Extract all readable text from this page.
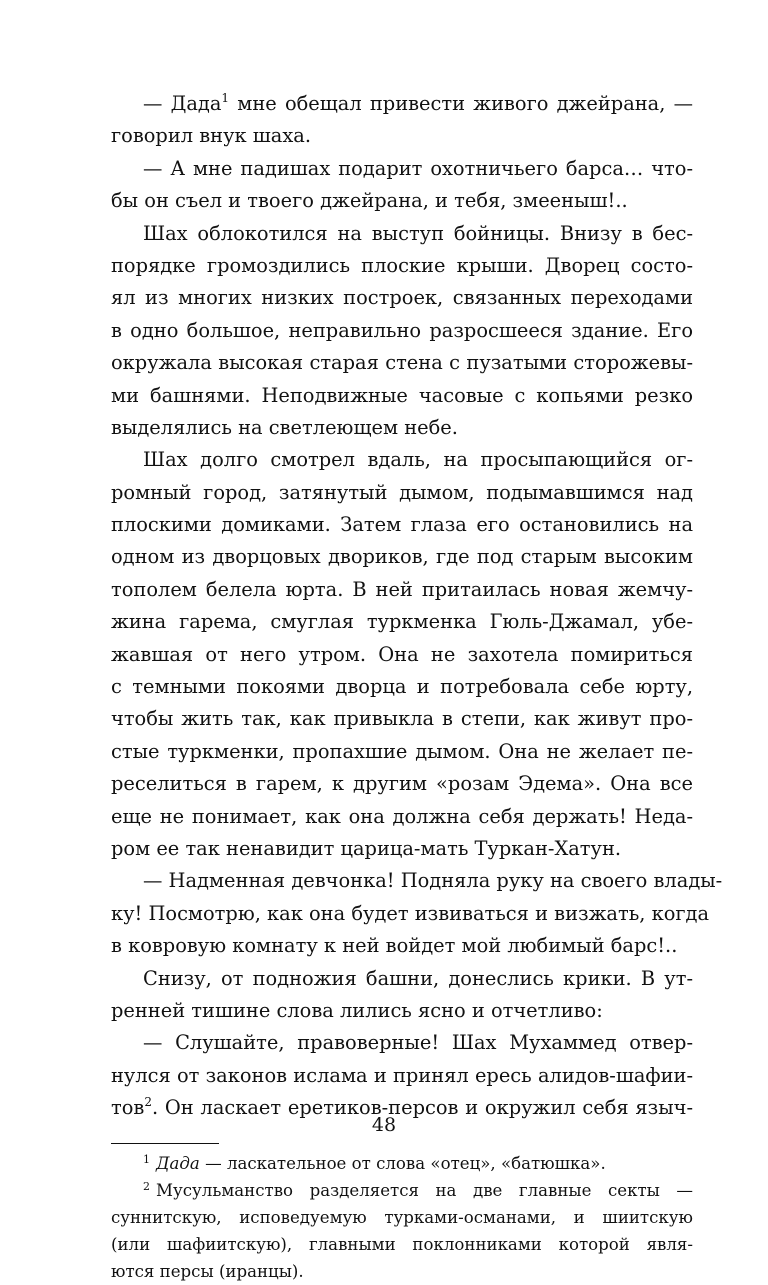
— Дада$^1$ мне обещал привести живого джейрана, —
говорил внук шаха.
— А мне падишах подарит охотничьего барса… что-
бы он съел и твоего джейрана, и тебя, змееныш!..
Шах облокотился на выступ бойницы. Внизу в бес-
порядке громоздились плоские крыши. Дворец состо-
ял из многих низких построек, связанных переходами
в одно большое, неправильно разросшееся здание. Его
окружала высокая старая стена с пузатыми сторожевы-
ми башнями. Неподвижные часовые с копьями резко
выделялись на светлеющем небе.
Шах долго смотрел вдаль, на просыпающийся ог-
ромный город, затянутый дымом, подымавшимся над
плоскими домиками. Затем глаза его остановились на
одном из дворцовых двориков, где под старым высоким
тополем белела юрта. В ней притаилась новая жемчу-
жина гарема, смуглая туркменка Гюль-Джамал, убе-
жавшая от него утром. Она не захотела помириться
с темными покоями дворца и потребовала себе юрту,
чтобы жить так, как привыкла в степи, как живут про-
стые туркменки, пропахшие дымом. Она не желает пе-
реселиться в гарем, к другим «розам Эдема». Она все
еще не понимает, как она должна себя держать! Неда-
ром ее так ненавидит царица-мать Туркан-Хатун.
— Надменная девчонка! Подняла руку на своего влады-
ку! Посмотрю, как она будет извиваться и визжать, когда
в ковровую комнату к ней войдет мой любимый барс!..
Снизу, от подножия башни, донеслись крики. В ут-
ренней тишине слова лились ясно и отчетливо:
— Слушайте, правоверные! Шах Мухаммед отвер-
нулся от законов ислама и принял ересь алидов-шафии-
тов$^2$. Он ласкает еретиков-персов и окружил себя языч-
$^1$ Дада — ласкательное от слова «отец», «батюшка».
$^2$ Мусульманство разделяется на две главные секты —
суннитскую, исповедуемую турками-османами, и шиитскую
(или шафиитскую), главными поклонниками которой явля-
ются персы (иранцы).
48
